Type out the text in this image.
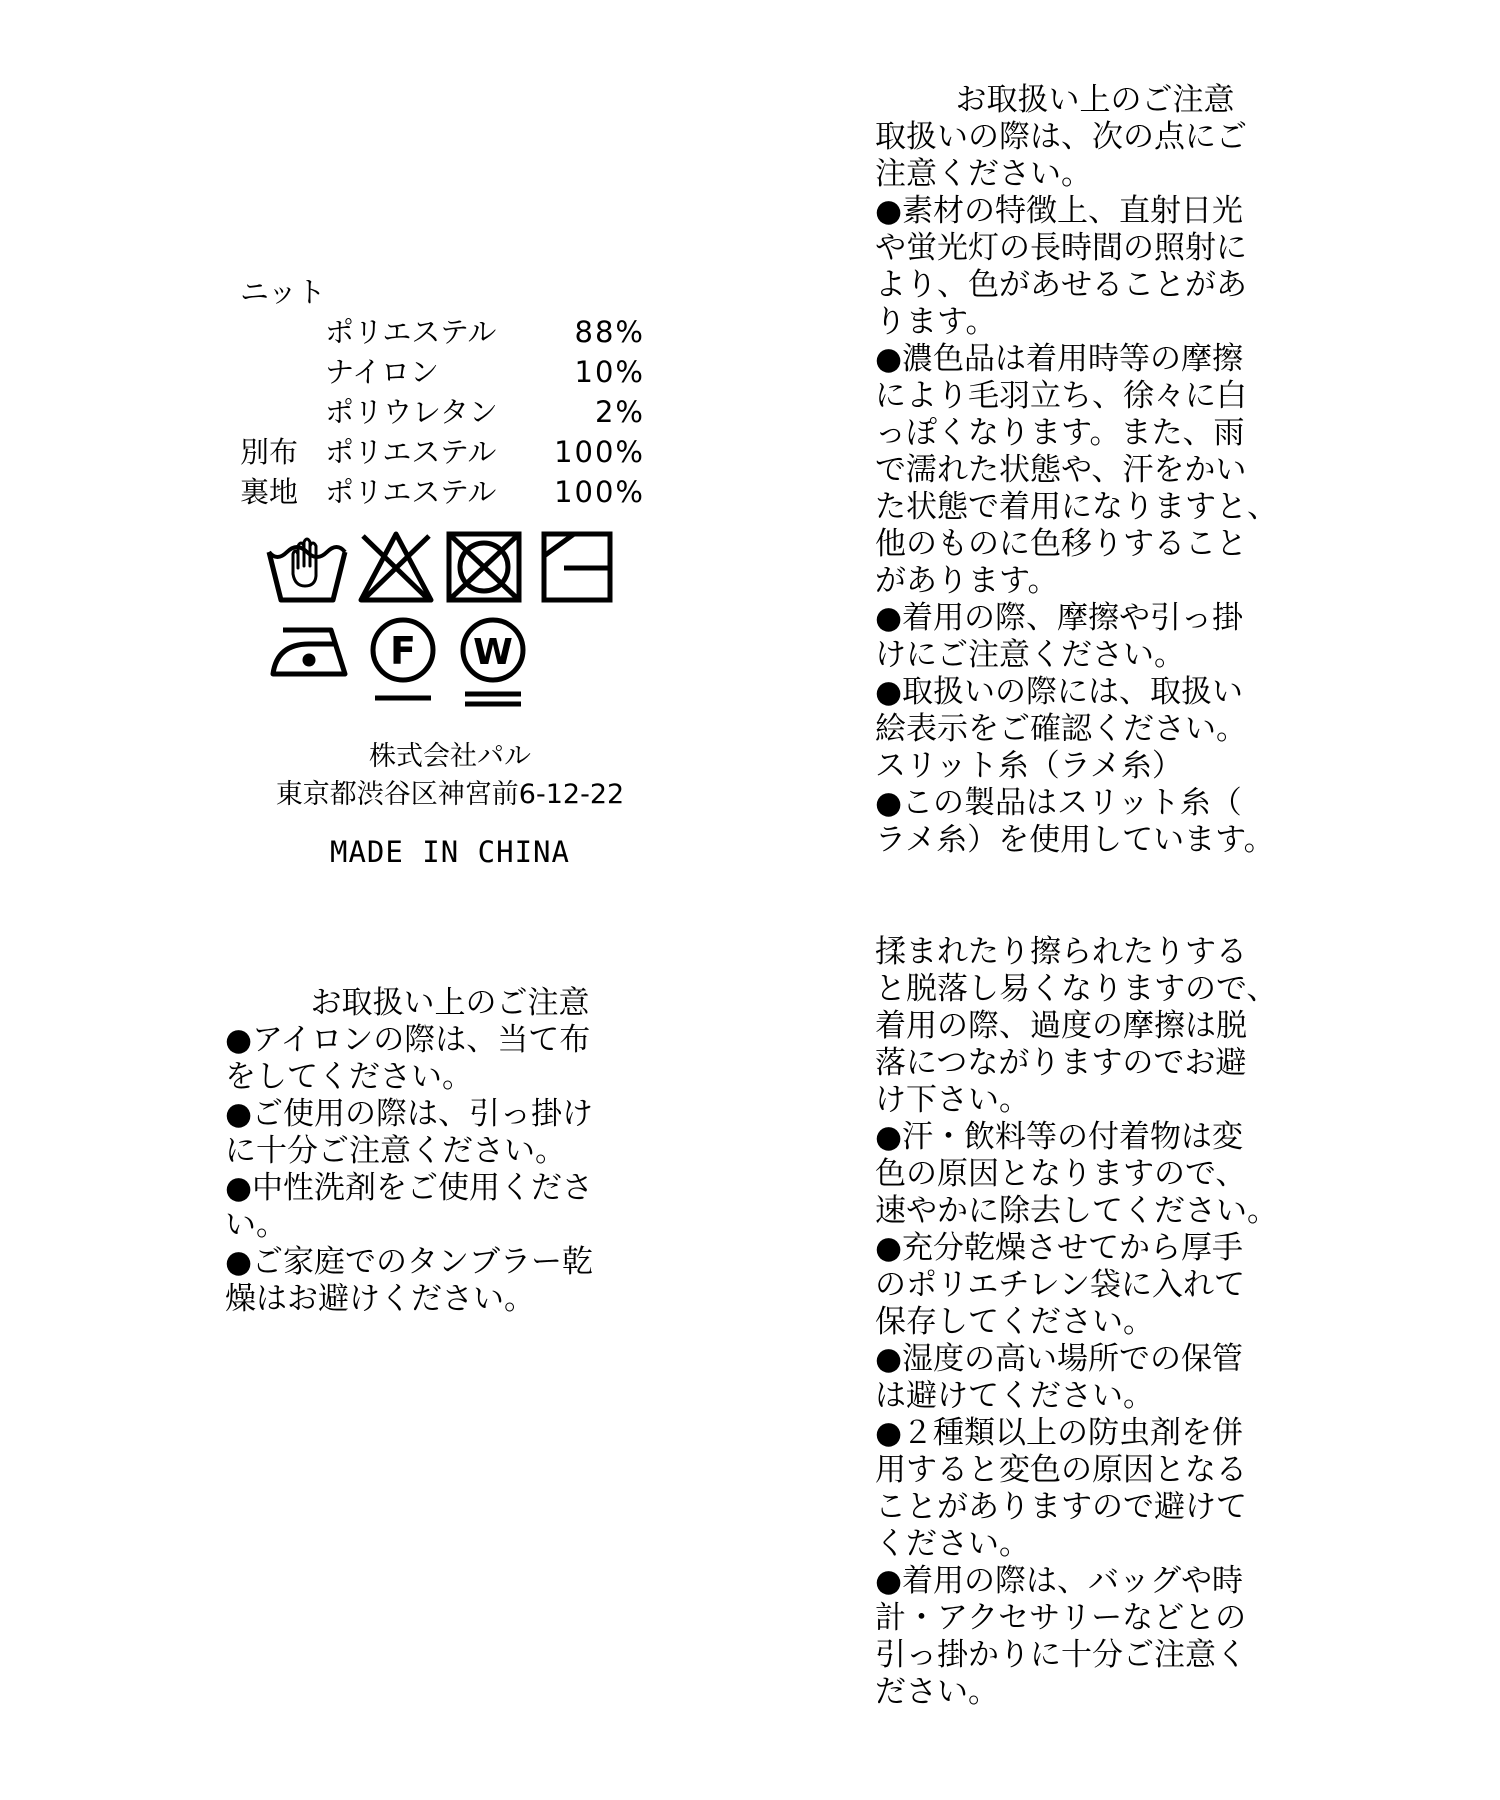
ニット
ポリエステル	88%
ナイロン	10%
ポリウレタン	2%
別布 ポリエステル	100%
裏地 ポリエステル	100%
F W
株式会社パル
東京都渋谷区神宮前6-12-22
MADE IN CHINA
お取扱い上のご注意
●アイロンの際は、当て布
をしてください。
●ご使用の際は、引っ掛け
に十分ご注意ください。
●中性洗剤をご使用くださ
い。
●ご家庭でのタンブラー乾
燥はお避けください。
お取扱い上のご注意
取扱いの際は、次の点にご
注意ください。
●素材の特徴上、直射日光
や蛍光灯の長時間の照射に
より、色があせることがあ
ります。
●濃色品は着用時等の摩擦
により毛羽立ち、徐々に白
っぽくなります。また、雨
で濡れた状態や、汗をかい
た状態で着用になりますと、
他のものに色移りすること
があります。
●着用の際、摩擦や引っ掛
けにご注意ください。
●取扱いの際には、取扱い
絵表示をご確認ください。
スリット糸（ラメ糸）
●この製品はスリット糸（
ラメ糸）を使用しています。
揉まれたり擦られたりする
と脱落し易くなりますので、
着用の際、過度の摩擦は脱
落につながりますのでお避
け下さい。
●汗・飲料等の付着物は変
色の原因となりますので、
速やかに除去してください。
●充分乾燥させてから厚手
のポリエチレン袋に入れて
保存してください。
●湿度の高い場所での保管
は避けてください。
●２種類以上の防虫剤を併
用すると変色の原因となる
ことがありますので避けて
ください。
●着用の際は、バッグや時
計・アクセサリーなどとの
引っ掛かりに十分ご注意く
ださい。
